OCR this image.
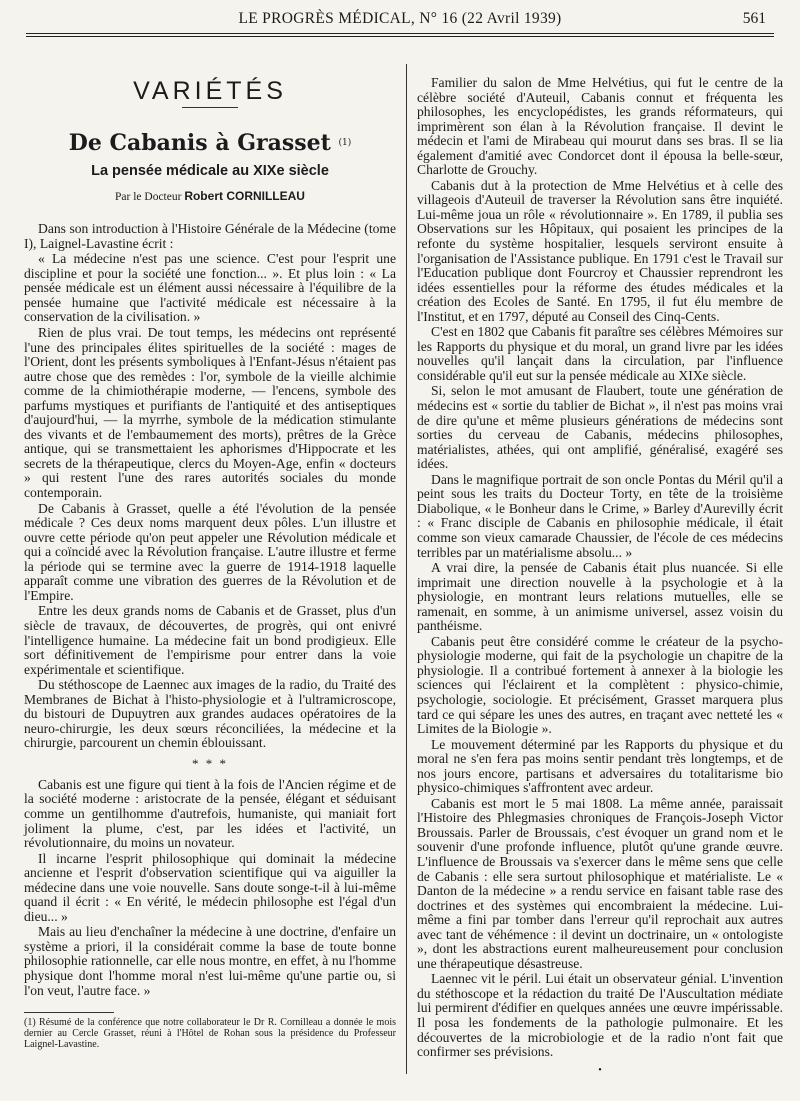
LE PROGRÈS MÉDICAL, N° 16 (22 Avril 1939)	561
VARIÉTÉS
De Cabanis à Grasset $^{(1)}$
La pensée médicale au XIXe siècle
Par le Docteur Robert CORNILLEAU

Dans son introduction à l'Histoire Générale de la Médecine (tome I), Laignel-Lavastine écrit :

« La médecine n'est pas une science. C'est pour l'esprit une discipline et pour la société une fonction... ». Et plus loin : « La pensée médicale est un élément aussi nécessaire à l'équilibre de la pensée humaine que l'activité médicale est nécessaire à la conservation de la civilisation. »

Rien de plus vrai. De tout temps, les médecins ont représenté l'une des principales élites spirituelles de la société : mages de l'Orient, dont les présents symboliques à l'Enfant-Jésus n'étaient pas autre chose que des remèdes : l'or, symbole de la vieille alchimie comme de la chimiothérapie moderne, — l'encens, symbole des parfums mystiques et purifiants de l'antiquité et des antiseptiques d'aujourd'hui, — la myrrhe, symbole de la médication stimulante des vivants et de l'embaumement des morts), prêtres de la Grèce antique, qui se transmettaient les aphorismes d'Hippocrate et les secrets de la thérapeutique, clercs du Moyen-Age, enfin « docteurs » qui restent l'une des rares autorités sociales du monde contemporain.

De Cabanis à Grasset, quelle a été l'évolution de la pensée médicale ? Ces deux noms marquent deux pôles. L'un illustre et ouvre cette période qu'on peut appeler une Révolution médicale et qui a coïncidé avec la Révolution française. L'autre illustre et ferme la période qui se termine avec la guerre de 1914-1918 laquelle apparaît comme une vibration des guerres de la Révolution et de l'Empire.

Entre les deux grands noms de Cabanis et de Grasset, plus d'un siècle de travaux, de découvertes, de progrès, qui ont enivré l'intelligence humaine. La médecine fait un bond prodigieux. Elle sort définitivement de l'empirisme pour entrer dans la voie expérimentale et scientifique.

Du stéthoscope de Laennec aux images de la radio, du Traité des Membranes de Bichat à l'histo-physiologie et à l'ultramicroscope, du bistouri de Dupuytren aux grandes audaces opératoires de la neuro-chirurgie, les deux sœurs réconciliées, la médecine et la chirurgie, parcourent un chemin éblouissant.

* * *

Cabanis est une figure qui tient à la fois de l'Ancien régime et de la société moderne : aristocrate de la pensée, élégant et séduisant comme un gentilhomme d'autrefois, humaniste, qui maniait fort joliment la plume, c'est, par les idées et l'activité, un révolutionnaire, du moins un novateur.

Il incarne l'esprit philosophique qui dominait la médecine ancienne et l'esprit d'observation scientifique qui va aiguiller la médecine dans une voie nouvelle. Sans doute songe-t-il à lui-même quand il écrit : « En vérité, le médecin philosophe est l'égal d'un dieu... »

Mais au lieu d'enchaîner la médecine à une doctrine, d'enfaire un système a priori, il la considérait comme la base de toute bonne philosophie rationnelle, car elle nous montre, en effet, à nu l'homme physique dont l'homme moral n'est lui-même qu'une partie ou, si l'on veut, l'autre face. »

(1) Résumé de la conférence que notre collaborateur le Dr R. Cornilleau a donnée le mois dernier au Cercle Grasset, réuni à l'Hôtel de Rohan sous la présidence du Professeur Laignel-Lavastine.

Familier du salon de Mme Helvétius, qui fut le centre de la célèbre société d'Auteuil, Cabanis connut et fréquenta les philosophes, les encyclopédistes, les grands réformateurs, qui imprimèrent son élan à la Révolution française. Il devint le médecin et l'ami de Mirabeau qui mourut dans ses bras. Il se lia également d'amitié avec Condorcet dont il épousa la belle-sœur, Charlotte de Grouchy.

Cabanis dut à la protection de Mme Helvétius et à celle des villageois d'Auteuil de traverser la Révolution sans être inquiété. Lui-même joua un rôle « révolutionnaire ». En 1789, il publia ses Observations sur les Hôpitaux, qui posaient les principes de la refonte du système hospitalier, lesquels serviront ensuite à l'organisation de l'Assistance publique. En 1791 c'est le Travail sur l'Education publique dont Fourcroy et Chaussier reprendront les idées essentielles pour la réforme des études médicales et la création des Ecoles de Santé. En 1795, il fut élu membre de l'Institut, et en 1797, député au Conseil des Cinq-Cents.

C'est en 1802 que Cabanis fit paraître ses célèbres Mémoires sur les Rapports du physique et du moral, un grand livre par les idées nouvelles qu'il lançait dans la circulation, par l'influence considérable qu'il eut sur la pensée médicale au XIXe siècle.

Si, selon le mot amusant de Flaubert, toute une génération de médecins est « sortie du tablier de Bichat », il n'est pas moins vrai de dire qu'une et même plusieurs générations de médecins sont sorties du cerveau de Cabanis, médecins philosophes, matérialistes, athées, qui ont amplifié, généralisé, exagéré ses idées.

Dans le magnifique portrait de son oncle Pontas du Méril qu'il a peint sous les traits du Docteur Torty, en tête de la troisième Diabolique, « le Bonheur dans le Crime, » Barley d'Aurevilly écrit : « Franc disciple de Cabanis en philosophie médicale, il était comme son vieux camarade Chaussier, de l'école de ces médecins terribles par un matérialisme absolu... »

A vrai dire, la pensée de Cabanis était plus nuancée. Si elle imprimait une direction nouvelle à la psychologie et à la physiologie, en montrant leurs relations mutuelles, elle se ramenait, en somme, à un animisme universel, assez voisin du panthéisme.

Cabanis peut être considéré comme le créateur de la psycho-physiologie moderne, qui fait de la psychologie un chapitre de la physiologie. Il a contribué fortement à annexer à la biologie les sciences qui l'éclairent et la complètent : physico-chimie, psychologie, sociologie. Et précisément, Grasset marquera plus tard ce qui sépare les unes des autres, en traçant avec netteté les « Limites de la Biologie ».

Le mouvement déterminé par les Rapports du physique et du moral ne s'en fera pas moins sentir pendant très longtemps, et de nos jours encore, partisans et adversaires du totalitarisme bio physico-chimiques s'affrontent avec ardeur.

Cabanis est mort le 5 mai 1808. La même année, paraissait l'Histoire des Phlegmasies chroniques de François-Joseph Victor Broussais. Parler de Broussais, c'est évoquer un grand nom et le souvenir d'une profonde influence, plutôt qu'une grande œuvre. L'influence de Broussais va s'exercer dans le même sens que celle de Cabanis : elle sera surtout philosophique et matérialiste. Le « Danton de la médecine » a rendu service en faisant table rase des doctrines et des systèmes qui encombraient la médecine. Lui-même a fini par tomber dans l'erreur qu'il reprochait aux autres avec tant de véhémence : il devint un doctrinaire, un « ontologiste », dont les abstractions eurent malheureusement pour conclusion une thérapeutique désastreuse.

Laennec vit le péril. Lui était un observateur génial. L'invention du stéthoscope et la rédaction du traité De l'Auscultation médiate lui permirent d'édifier en quelques années une œuvre impérissable. Il posa les fondements de la pathologie pulmonaire. Et les découvertes de la microbiologie et de la radio n'ont fait que confirmer ses prévisions.

•
